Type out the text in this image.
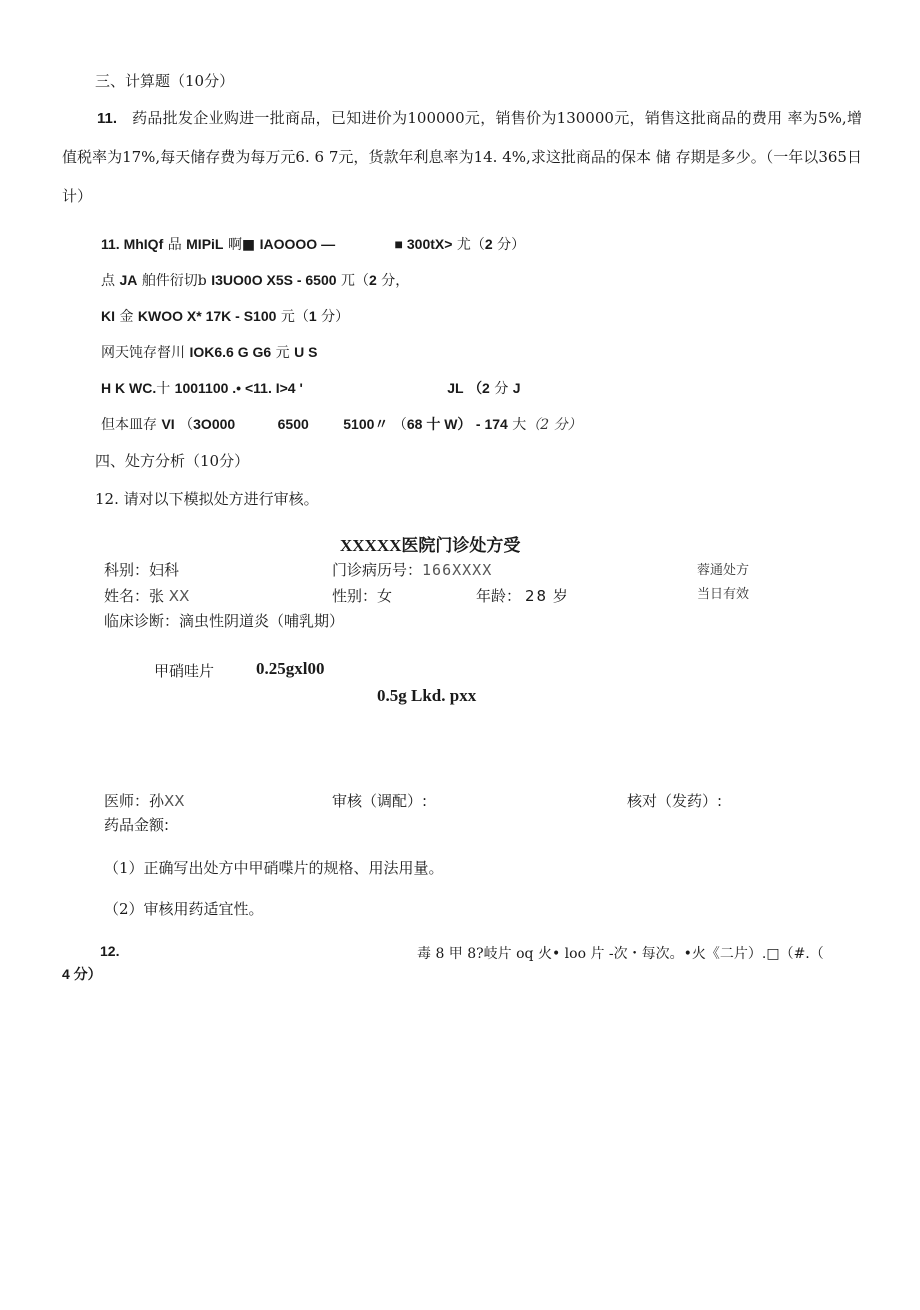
三、计算题（10分）
11. 药品批发企业购进一批商品，已知进价为100000元，销售价为130000元，销售这批商品的费用 率为5%,增值税率为17%,每天储存费为每万元6. 6 7元，货款年利息率为14. 4%,求这批商品的保本 储 存期是多少。（一年以365日计）
11. MhIQf 品 MIPiL 啊■ IAOOOO —	■ 300tX> 尤（2 分）
点 JA 舶件衍切b I3UO0O X5S - 6500 兀（2 分，
KI 金 KWOO X* 17K - S100 元（1 分）
网天饨存督川 IOK6.6 G G6 元 U S
H K WC.十 1001100 .• <11. I>4 '	JL （2 分 J
但本皿存 VI （3O000	6500 5100〃 （68 十 W） - 174 大（2 分）
四、处方分析（10分）
12. 请对以下模拟处方进行审核。
XXXXX医院门诊处方受
科别：妇科	门诊病历号：166XXXX	蓉通处方
姓名：张 XX	性别：女	年龄： 28 岁	当日有效
临床诊断：滴虫性阴道炎（哺乳期）
甲硝哇片 0.25gxl00
0.5g Lkd. pxx
医师：孙XX	审核（调配）:	核对（发药）:
药品金额:
（1）正确写出处方中甲硝喋片的规格、用法用量。
（2）审核用药适宜性。
12.	毒 8 甲 8?岐片 oq 火• loo 片 -次・每次。•火《二片）.□（#.（
4 分）
